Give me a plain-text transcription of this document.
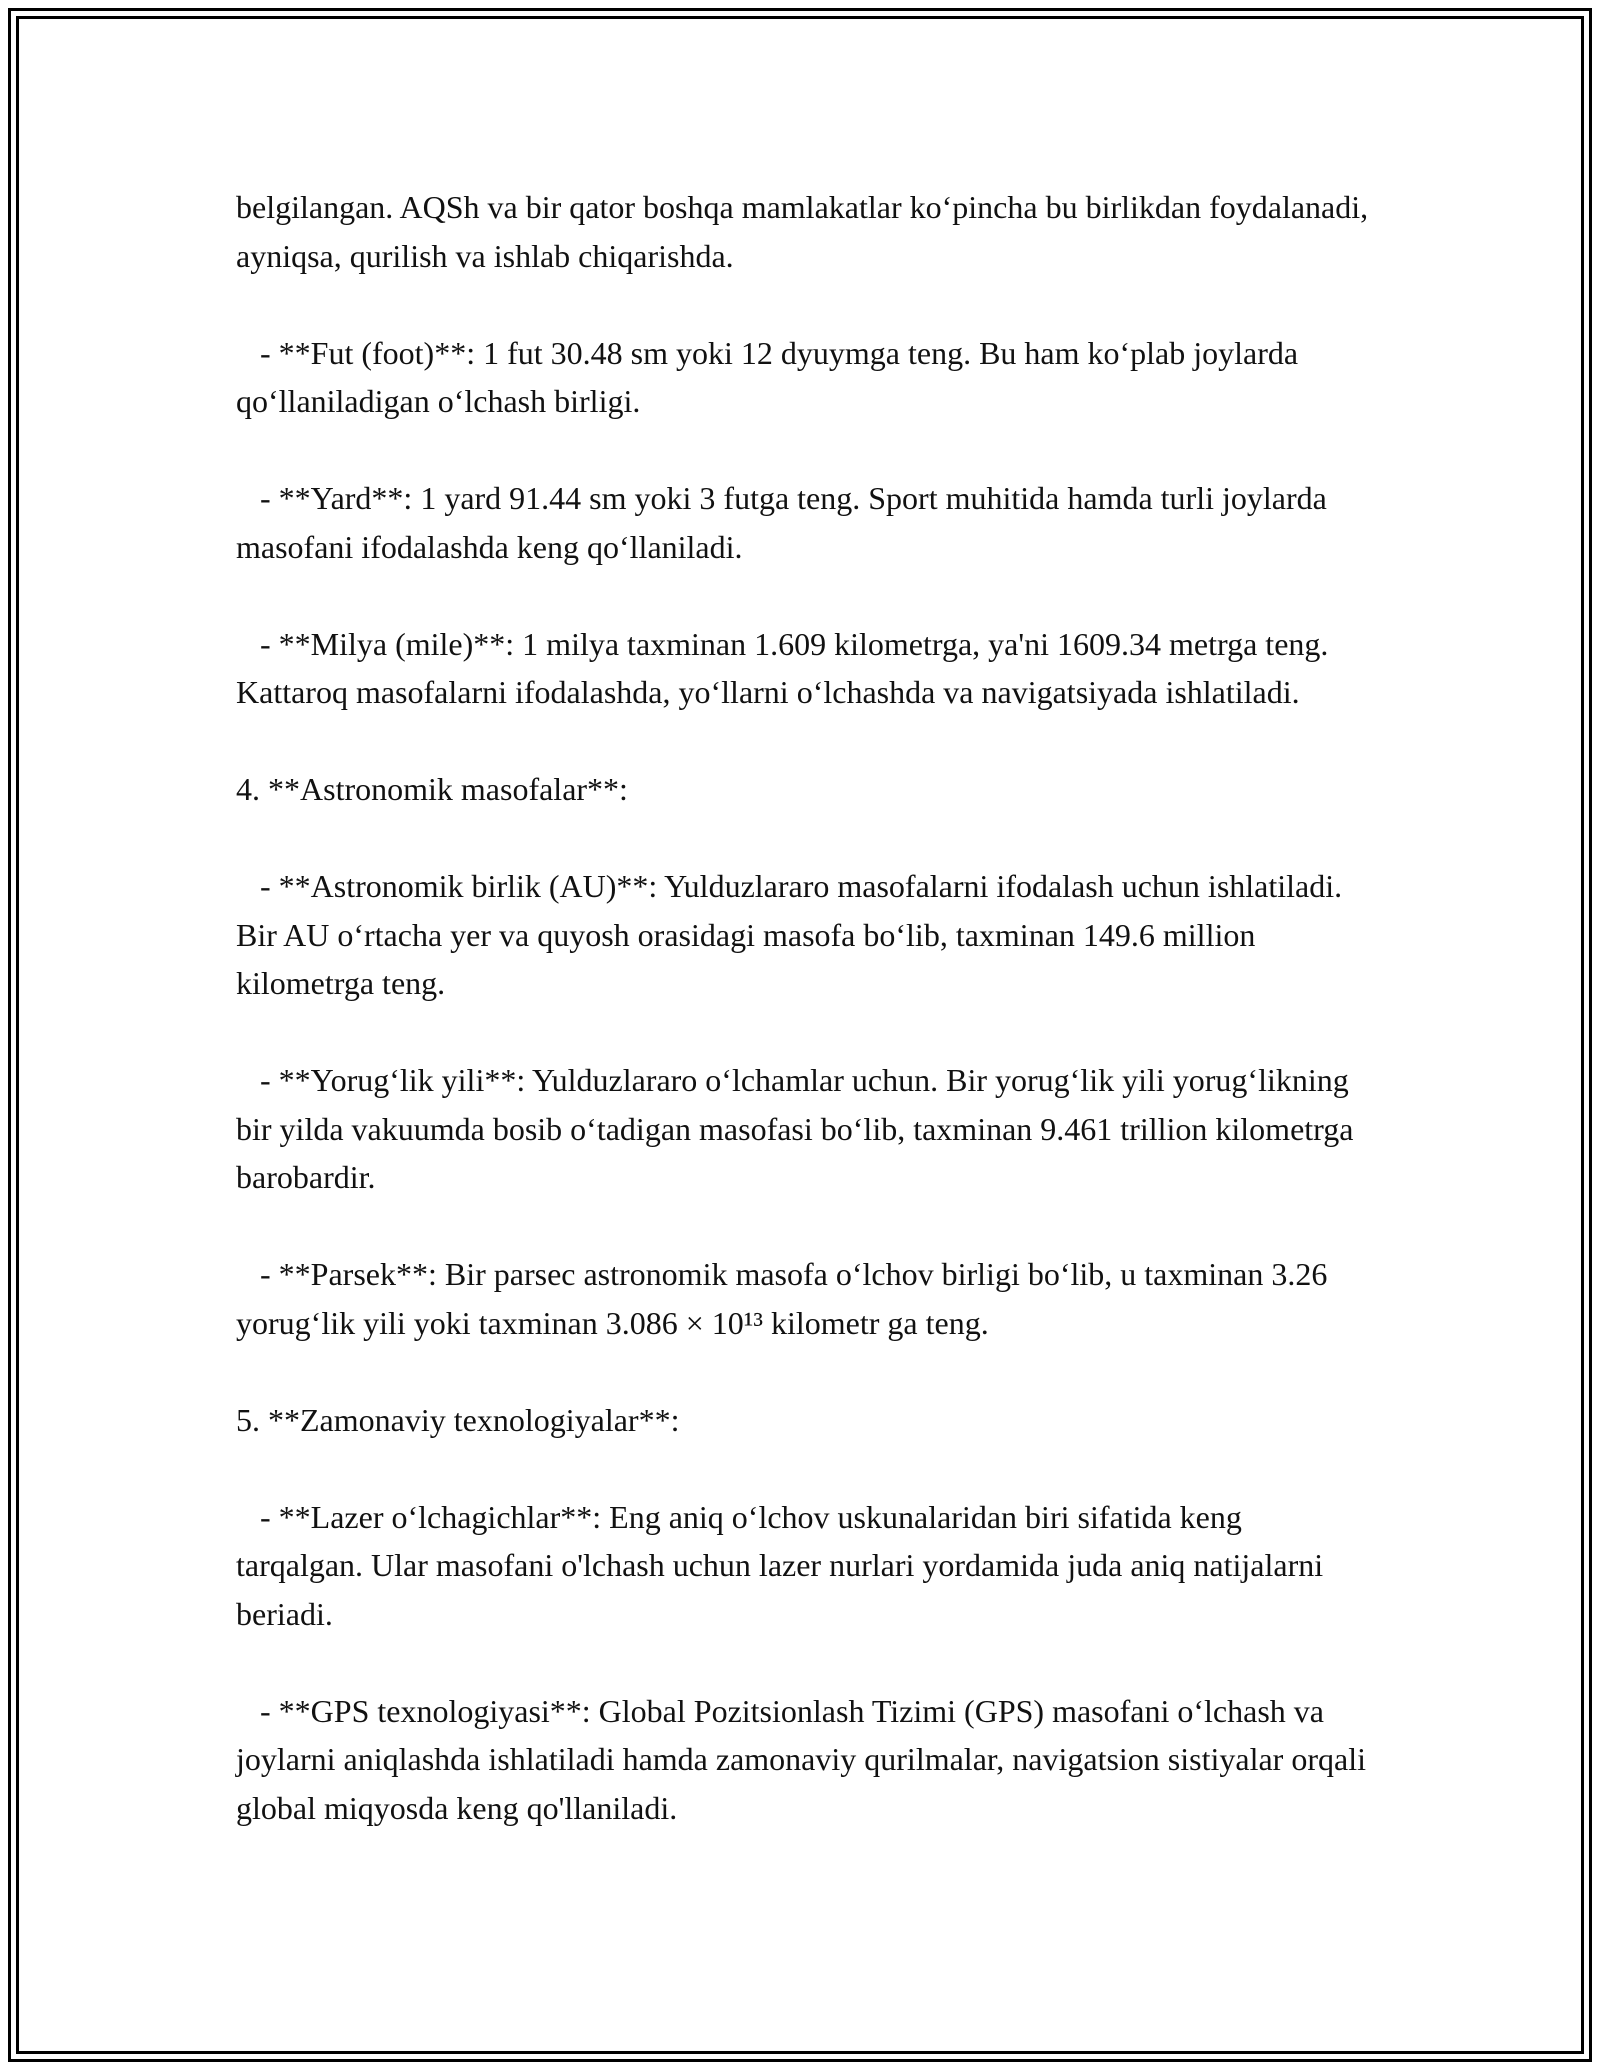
belgilangan. AQSh va bir qator boshqa mamlakatlar ko‘pincha bu birlikdan foydalanadi, ayniqsa, qurilish va ishlab chiqarishda.

- **Fut (foot)**: 1 fut 30.48 sm yoki 12 dyuymga teng. Bu ham ko‘plab joylarda qo‘llaniladigan o‘lchash birligi.

- **Yard**: 1 yard 91.44 sm yoki 3 futga teng. Sport muhitida hamda turli joylarda masofani ifodalashda keng qo‘llaniladi.

- **Milya (mile)**: 1 milya taxminan 1.609 kilometrga, ya'ni 1609.34 metrga teng. Kattaroq masofalarni ifodalashda, yo‘llarni o‘lchashda va navigatsiyada ishlatiladi.

4. **Astronomik masofalar**:

- **Astronomik birlik (AU)**: Yulduzlararo masofalarni ifodalash uchun ishlatiladi. Bir AU o‘rtacha yer va quyosh orasidagi masofa bo‘lib, taxminan 149.6 million kilometrga teng.

- **Yorug‘lik yili**: Yulduzlararo o‘lchamlar uchun. Bir yorug‘lik yili yorug‘likning bir yilda vakuumda bosib o‘tadigan masofasi bo‘lib, taxminan 9.461 trillion kilometrga barobardir.

- **Parsek**: Bir parsec astronomik masofa o‘lchov birligi bo‘lib, u taxminan 3.26 yorug‘lik yili yoki taxminan 3.086 × 10¹³ kilometr ga teng.

5. **Zamonaviy texnologiyalar**:

- **Lazer o‘lchagichlar**: Eng aniq o‘lchov uskunalaridan biri sifatida keng tarqalgan. Ular masofani o'lchash uchun lazer nurlari yordamida juda aniq natijalarni beriadi.

- **GPS texnologiyasi**: Global Pozitsionlash Tizimi (GPS) masofani o‘lchash va joylarni aniqlashda ishlatiladi hamda zamonaviy qurilmalar, navigatsion sistiyalar orqali global miqyosda keng qo'llaniladi.
